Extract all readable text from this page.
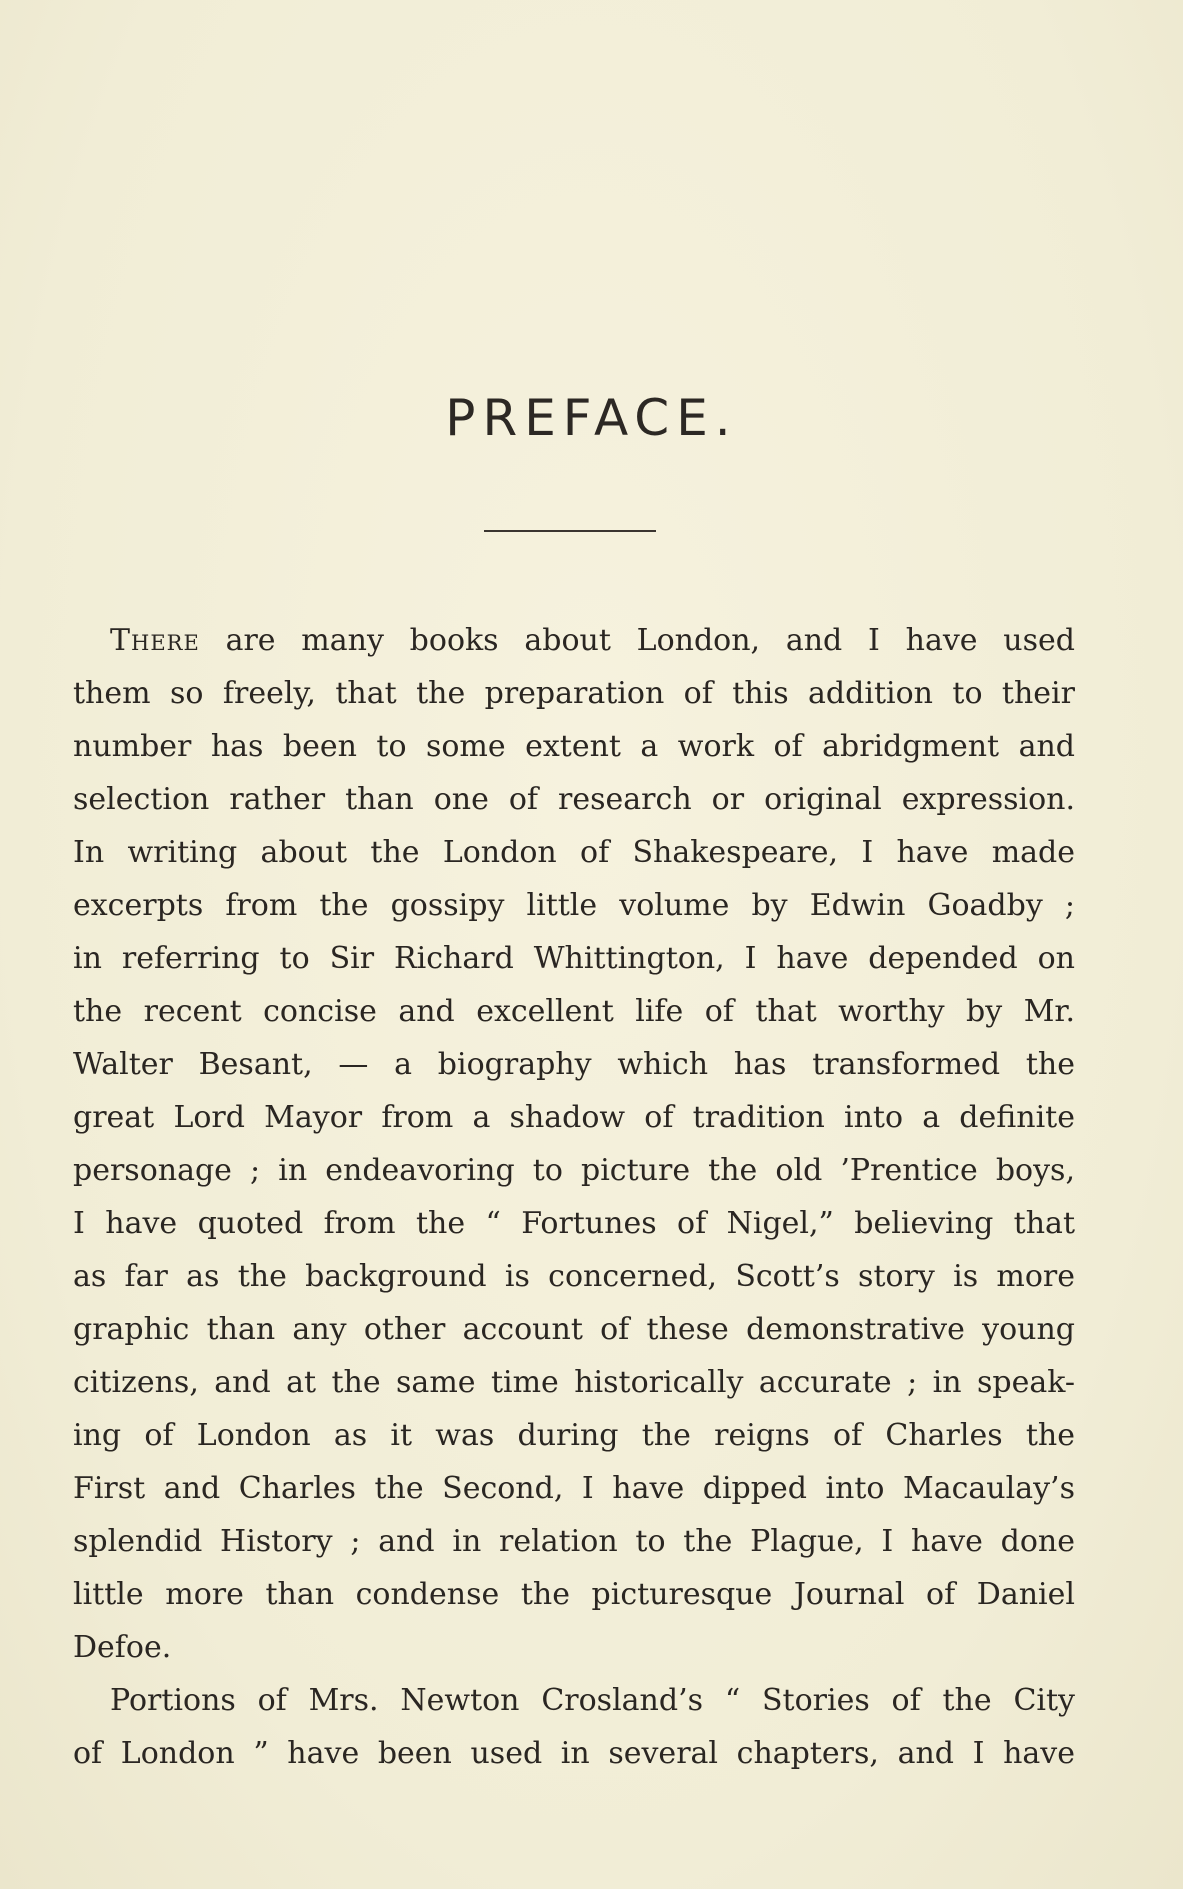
PREFACE.
There are many books about London, and I have used
them so freely, that the preparation of this addition to their
number has been to some extent a work of abridgment and
selection rather than one of research or original expression.
In writing about the London of Shakespeare, I have made
excerpts from the gossipy little volume by Edwin Goadby ;
in referring to Sir Richard Whittington, I have depended on
the recent concise and excellent life of that worthy by Mr.
Walter Besant, — a biography which has transformed the
great Lord Mayor from a shadow of tradition into a definite
personage ; in endeavoring to picture the old ’Prentice boys,
I have quoted from the “ Fortunes of Nigel,” believing that
as far as the background is concerned, Scott’s story is more
graphic than any other account of these demonstrative young
citizens, and at the same time historically accurate ; in speak-
ing of London as it was during the reigns of Charles the
First and Charles the Second, I have dipped into Macaulay’s
splendid History ; and in relation to the Plague, I have done
little more than condense the picturesque Journal of Daniel
Defoe.
Portions of Mrs. Newton Crosland’s “ Stories of the City
of London ” have been used in several chapters, and I have
